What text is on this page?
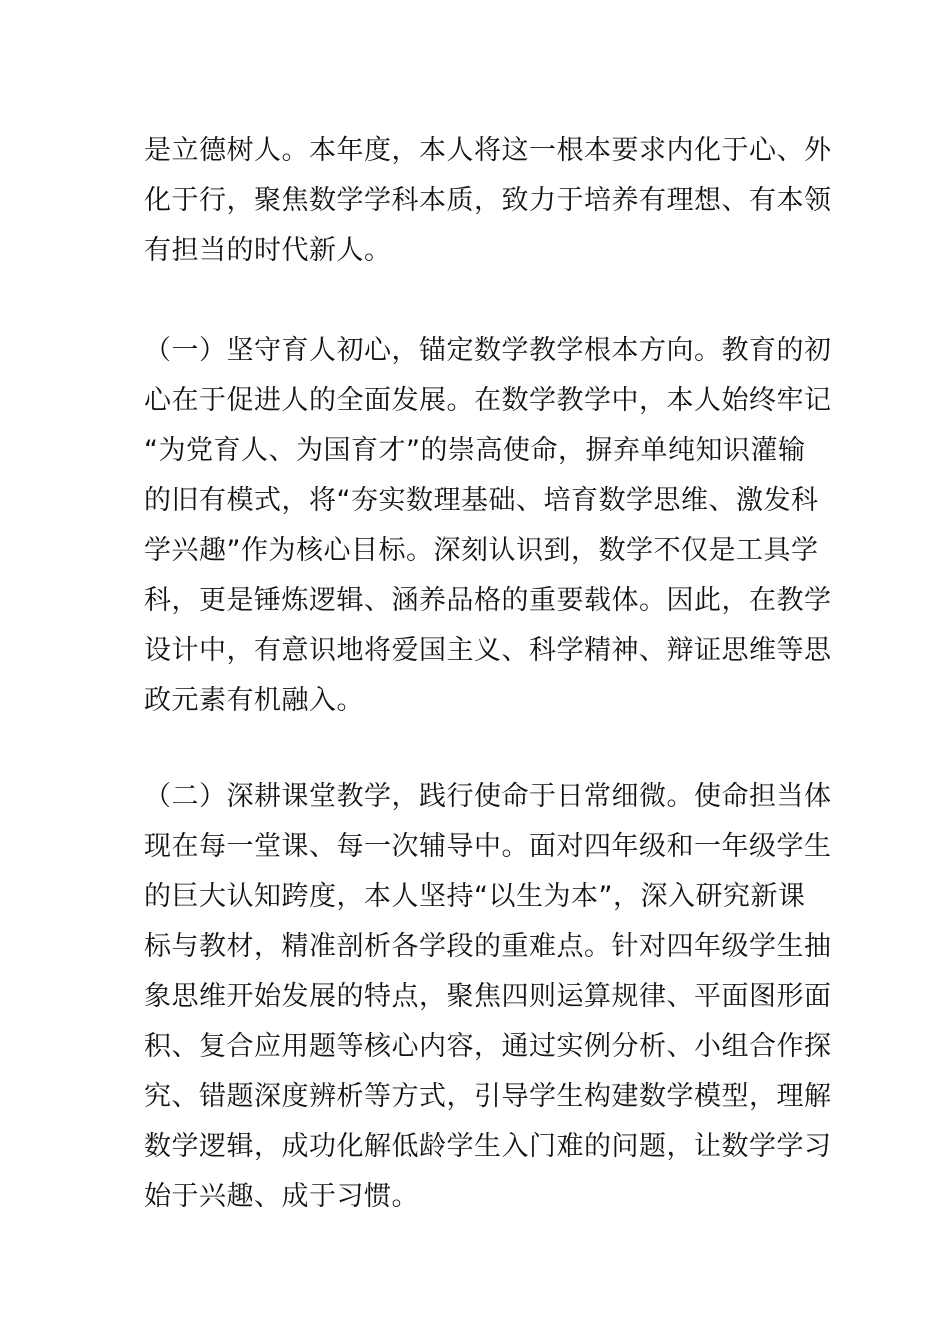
是立德树人。本年度，本人将这一根本要求内化于心、外
化于行，聚焦数学学科本质，致力于培养有理想、有本领
有担当的时代新人。
（一）坚守育人初心，锚定数学教学根本方向。教育的初
心在于促进人的全面发展。在数学教学中，本人始终牢记
“为党育人、为国育才”的崇高使命，摒弃单纯知识灌输
的旧有模式，将“夯实数理基础、培育数学思维、激发科
学兴趣”作为核心目标。深刻认识到，数学不仅是工具学
科，更是锤炼逻辑、涵养品格的重要载体。因此，在教学
设计中，有意识地将爱国主义、科学精神、辩证思维等思
政元素有机融入。
（二）深耕课堂教学，践行使命于日常细微。使命担当体
现在每一堂课、每一次辅导中。面对四年级和一年级学生
的巨大认知跨度，本人坚持“以生为本”，深入研究新课
标与教材，精准剖析各学段的重难点。针对四年级学生抽
象思维开始发展的特点，聚焦四则运算规律、平面图形面
积、复合应用题等核心内容，通过实例分析、小组合作探
究、错题深度辨析等方式，引导学生构建数学模型，理解
数学逻辑，成功化解低龄学生入门难的问题，让数学学习
始于兴趣、成于习惯。
